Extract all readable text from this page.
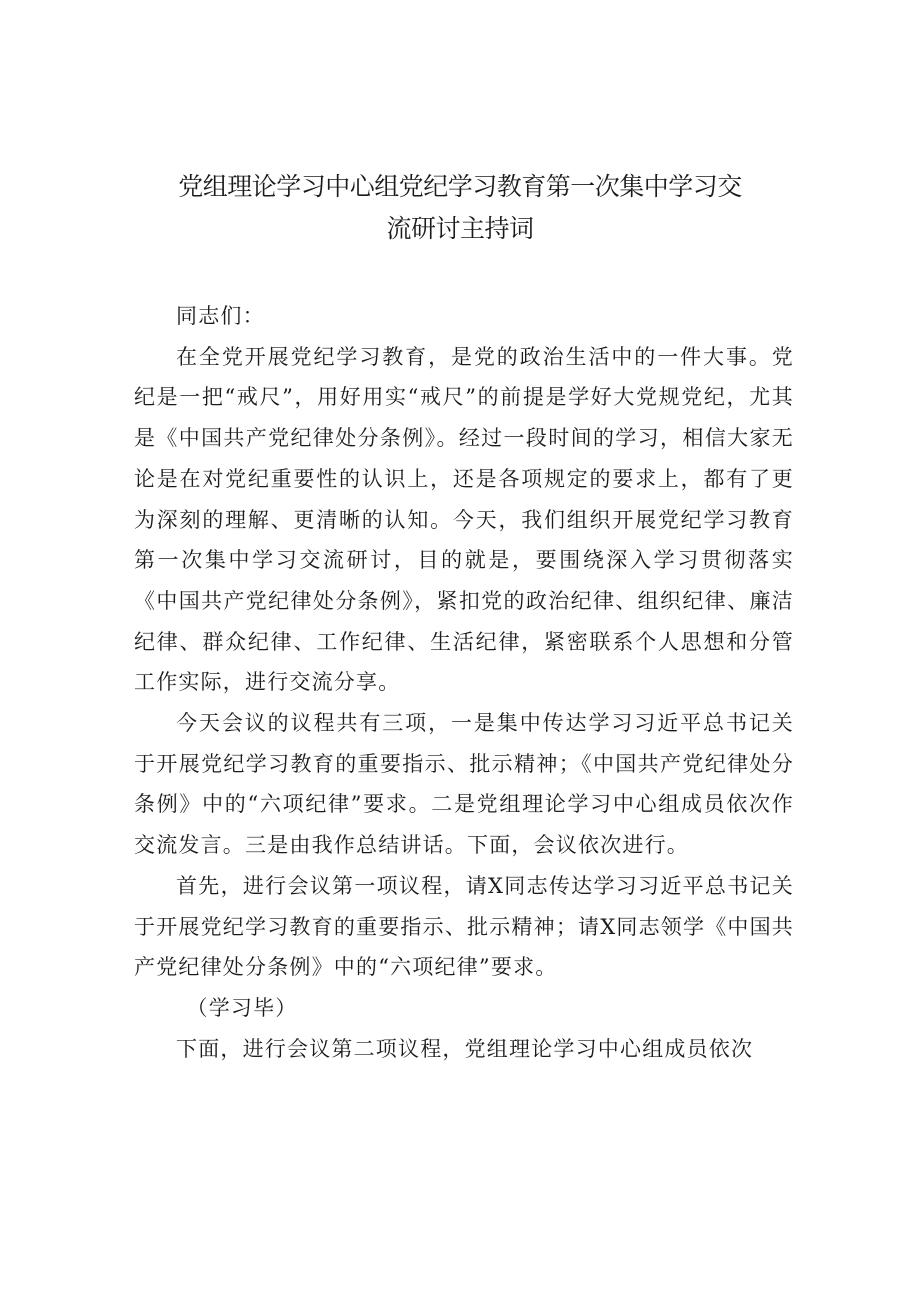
党组理论学习中心组党纪学习教育第一次集中学习交
流研讨主持词

同志们：

在全党开展党纪学习教育，是党的政治生活中的一件大事。党纪是一把“戒尺”，用好用实“戒尺”的前提是学好大党规党纪，尤其是《中国共产党纪律处分条例》。经过一段时间的学习，相信大家无论是在对党纪重要性的认识上，还是各项规定的要求上，都有了更为深刻的理解、更清晰的认知。今天，我们组织开展党纪学习教育第一次集中学习交流研讨，目的就是，要围绕深入学习贯彻落实《中国共产党纪律处分条例》，紧扣党的政治纪律、组织纪律、廉洁纪律、群众纪律、工作纪律、生活纪律，紧密联系个人思想和分管工作实际，进行交流分享。

今天会议的议程共有三项，一是集中传达学习习近平总书记关于开展党纪学习教育的重要指示、批示精神；《中国共产党纪律处分条例》中的“六项纪律”要求。二是党组理论学习中心组成员依次作交流发言。三是由我作总结讲话。下面，会议依次进行。

首先，进行会议第一项议程，请X同志传达学习习近平总书记关于开展党纪学习教育的重要指示、批示精神；请X同志领学《中国共产党纪律处分条例》中的“六项纪律”要求。

（学习毕）

下面，进行会议第二项议程，党组理论学习中心组成员依次
